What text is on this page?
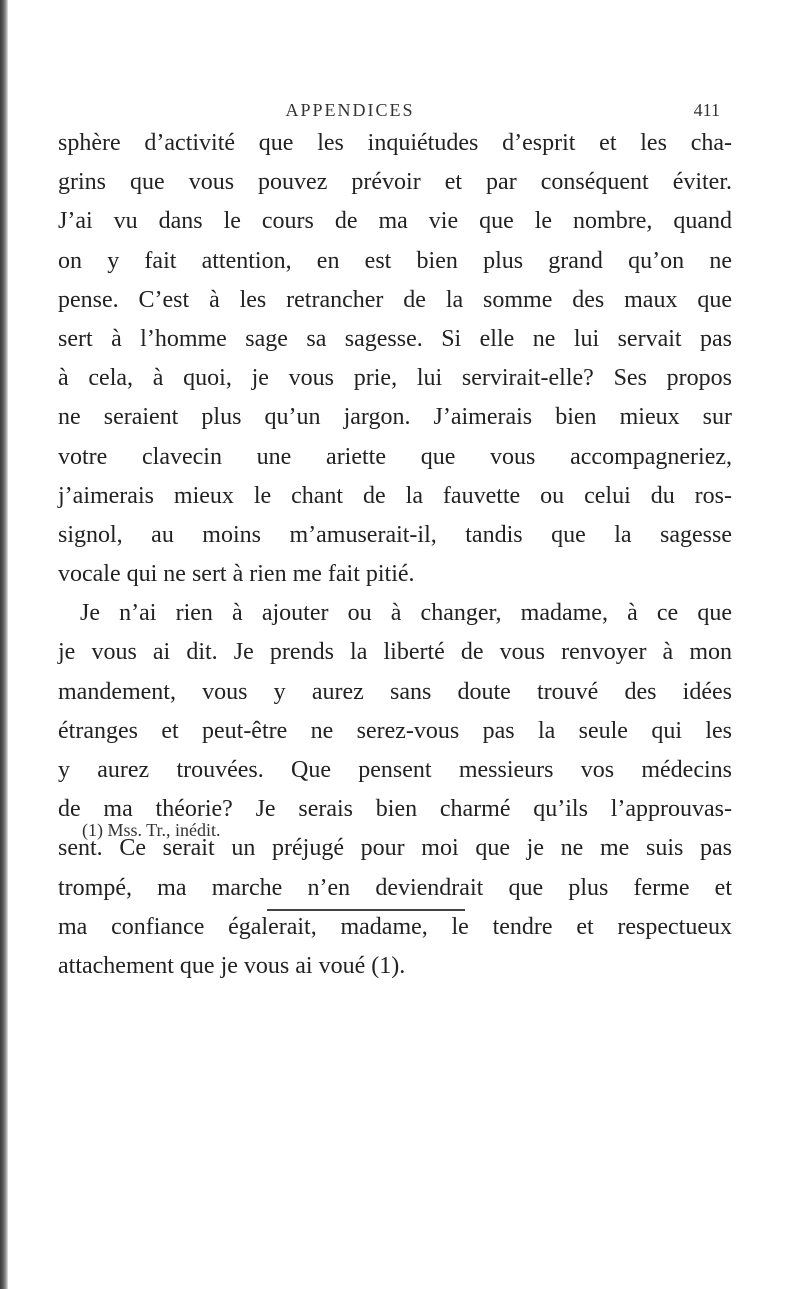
APPENDICES	411
sphère d’activité que les inquiétudes d’esprit et les cha-
grins que vous pouvez prévoir et par conséquent éviter.
J’ai vu dans le cours de ma vie que le nombre, quand
on y fait attention, en est bien plus grand qu’on ne
pense. C’est à les retrancher de la somme des maux que
sert à l’homme sage sa sagesse. Si elle ne lui servait pas
à cela, à quoi, je vous prie, lui servirait-elle? Ses propos
ne seraient plus qu’un jargon. J’aimerais bien mieux sur
votre clavecin une ariette que vous accompagneriez,
j’aimerais mieux le chant de la fauvette ou celui du ros-
signol, au moins m’amuserait-il, tandis que la sagesse
vocale qui ne sert à rien me fait pitié.
Je n’ai rien à ajouter ou à changer, madame, à ce que
je vous ai dit. Je prends la liberté de vous renvoyer à mon
mandement, vous y aurez sans doute trouvé des idées
étranges et peut-être ne serez-vous pas la seule qui les
y aurez trouvées. Que pensent messieurs vos médecins
de ma théorie? Je serais bien charmé qu’ils l’approuvas-
sent. Ce serait un préjugé pour moi que je ne me suis pas
trompé, ma marche n’en deviendrait que plus ferme et
ma confiance égalerait, madame, le tendre et respectueux
attachement que je vous ai voué (1).
(1) Mss. Tr., inédit.
